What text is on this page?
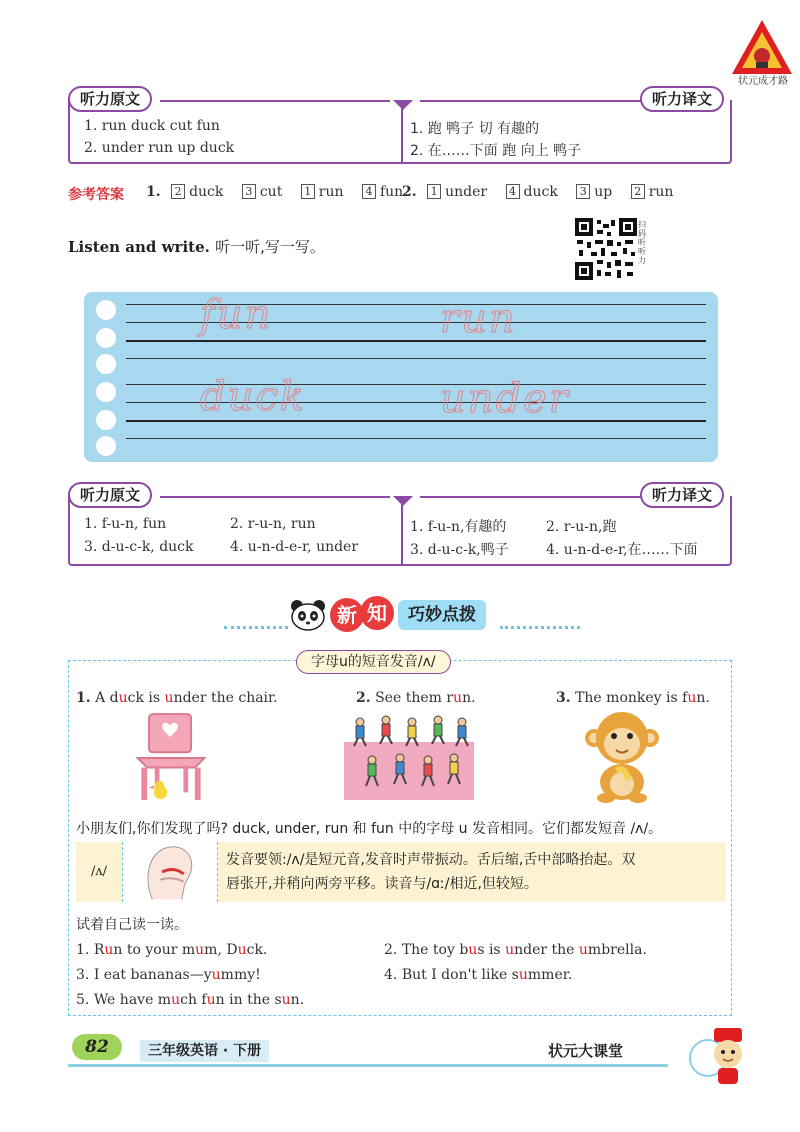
状元成才路
听力原文	听力译文
1. run duck cut fun
2. under run up duck
1. 跑 鸭子 切 有趣的
2. 在……下面 跑 向上 鸭子
参考答案 1. 2 duck 3 cut 1 run 4 fun
2. 1 under 4 duck 3 up 2 run
Listen and write. 听一听,写一写。
扫码听听力
fun	run
duck	under
听力原文	听力译文
1. f-u-n, fun	2. r-u-n, run
3. d-u-c-k, duck	4. u-n-d-e-r, under
1. f-u-n,有趣的	2. r-u-n,跑
3. d-u-c-k,鸭子	4. u-n-d-e-r,在……下面
新 知	巧妙点拨
字母u的短音发音/ʌ/
1. A duck is under the chair.	2. See them run.	3. The monkey is fun.
小朋友们,你们发现了吗? duck, under, run 和 fun 中的字母 u 发音相同。它们都发短音 /ʌ/。
/ʌ/
发音要领:/ʌ/是短元音,发音时声带振动。舌后缩,舌中部略抬起。双
唇张开,并稍向两旁平移。读音与/ɑː/相近,但较短。
试着自己读一读。
1. Run to your mum, Duck.	2. The toy bus is under the umbrella.
3. I eat bananas—yummy!	4. But I don't like summer.
5. We have much fun in the sun.
82	三年级英语 · 下册	状元大课堂
